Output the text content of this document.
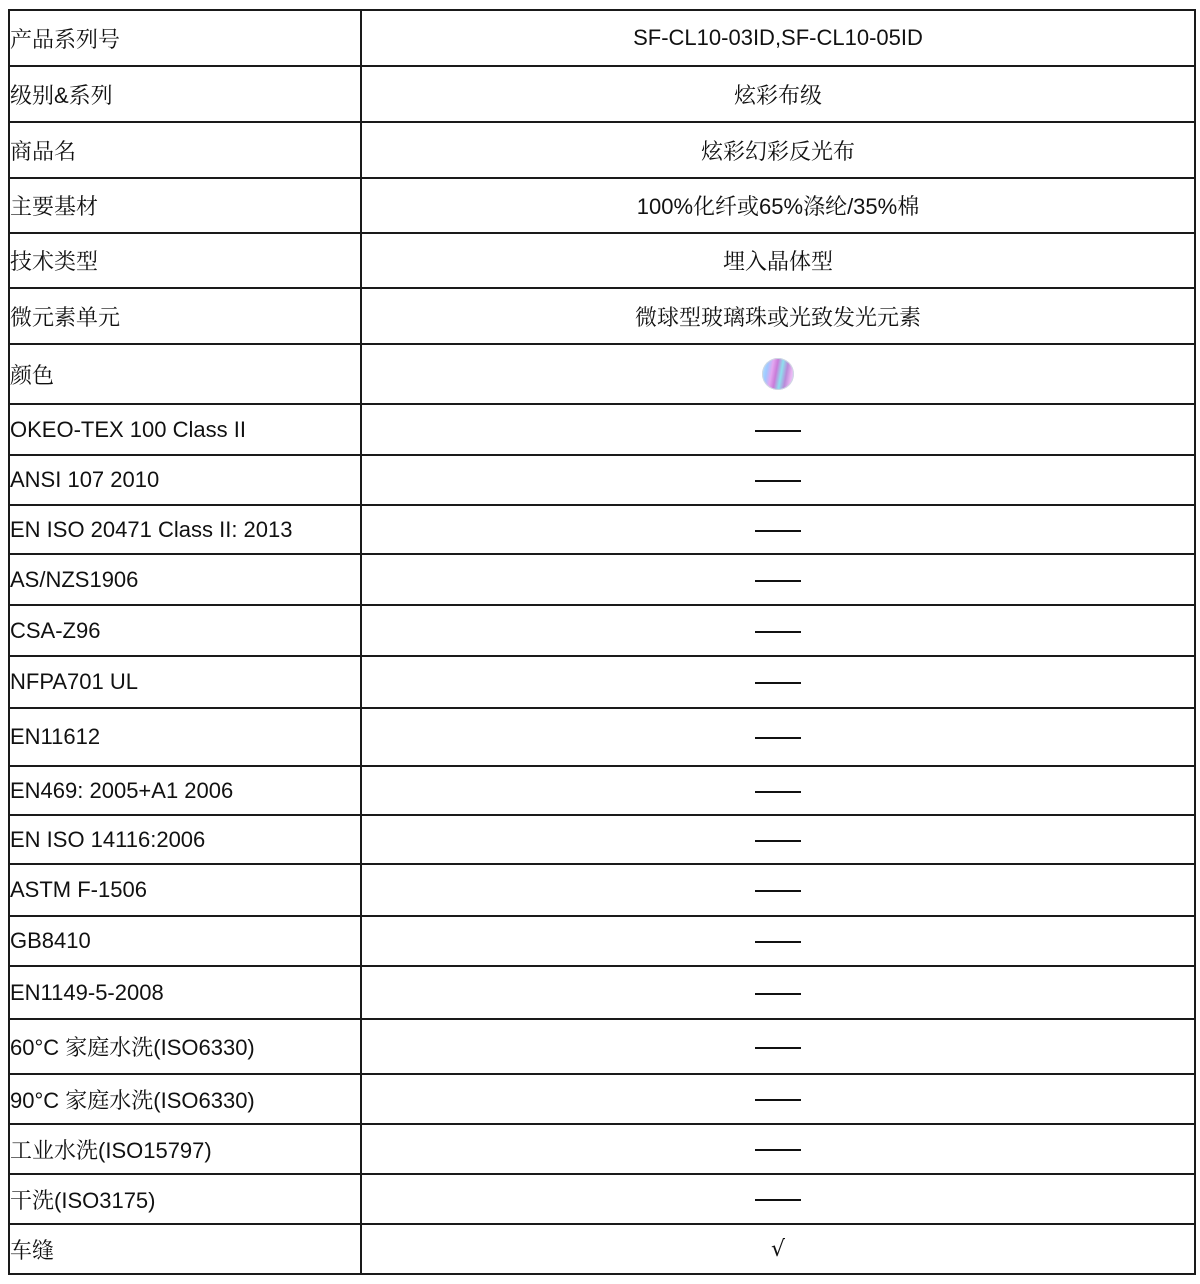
产品系列号	SF-CL10-03ID,SF-CL10-05ID
级别&系列	炫彩布级
商品名	炫彩幻彩反光布
主要基材	100%化纤或65%涤纶/35%棉
技术类型	埋入晶体型
微元素单元	微球型玻璃珠或光致发光元素
颜色	
OKEO-TEX 100 Class II	
ANSI 107 2010	
EN ISO 20471 Class II: 2013	
AS/NZS1906	
CSA-Z96	
NFPA701 UL	
EN11612	
EN469: 2005+A1 2006	
EN ISO 14116:2006	
ASTM F-1506	
GB8410	
EN1149-5-2008	
60°C 家庭水洗(ISO6330)	
90°C 家庭水洗(ISO6330)	
工业水洗(ISO15797)	
干洗(ISO3175)	
车缝	√
